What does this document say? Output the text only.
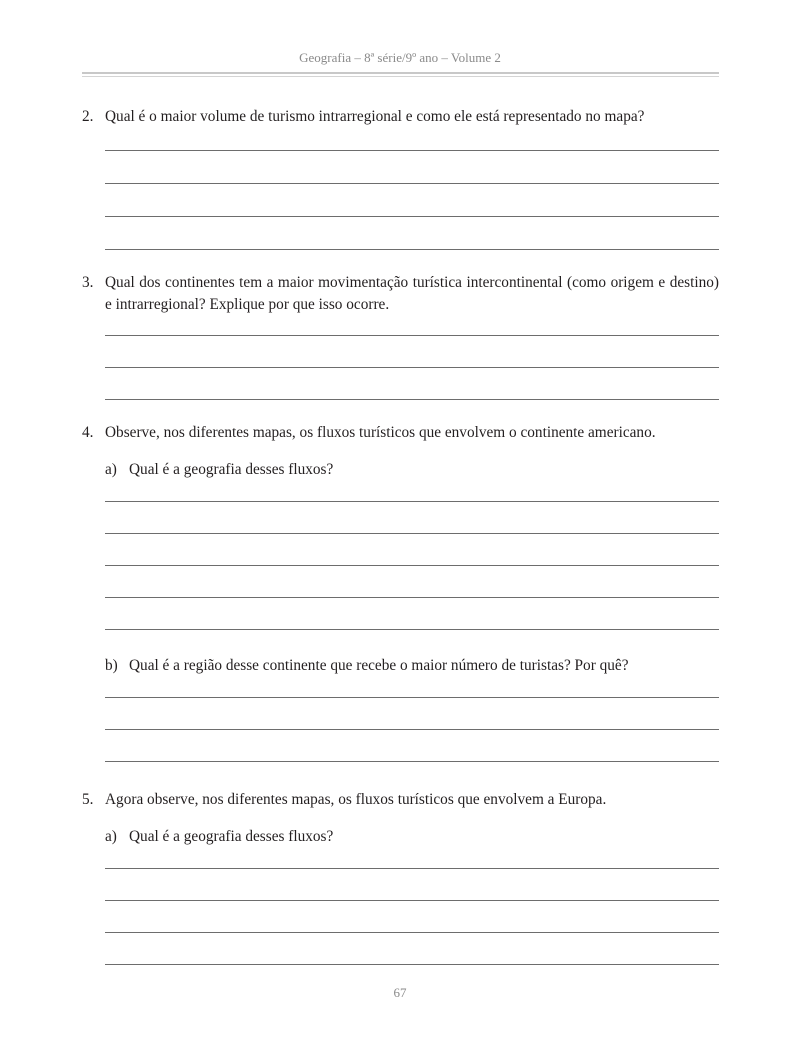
Geografia – 8ª série/9º ano – Volume 2
2. Qual é o maior volume de turismo intrarregional e como ele está representado no mapa?
3. Qual dos continentes tem a maior movimentação turística intercontinental (como origem e destino) e intrarregional? Explique por que isso ocorre.
4. Observe, nos diferentes mapas, os fluxos turísticos que envolvem o continente americano.
a) Qual é a geografia desses fluxos?
b) Qual é a região desse continente que recebe o maior número de turistas? Por quê?
5. Agora observe, nos diferentes mapas, os fluxos turísticos que envolvem a Europa.
a) Qual é a geografia desses fluxos?
67
